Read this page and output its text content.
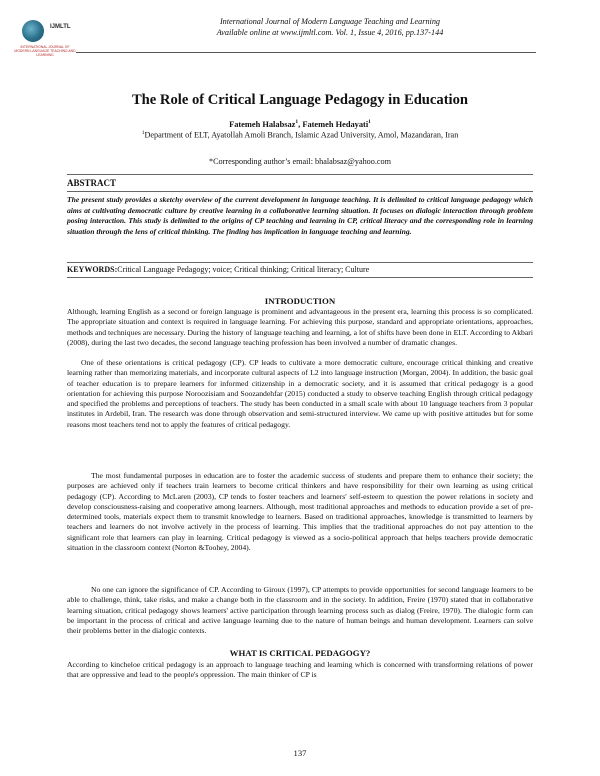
IJMLTL
INTERNATIONAL JOURNAL OF MODERN LANGUAGE TEACHING AND LEARNING
International Journal of Modern Language Teaching and Learning
Available online at www.ijmltl.com. Vol. 1, Issue 4, 2016, pp.137-144
The Role of Critical Language Pedagogy in Education
Fatemeh Halabsaz$^1$, Fatemeh Hedayati$^1$
$^1$Department of ELT, Ayatollah Amoli Branch, Islamic Azad University, Amol, Mazandaran, Iran
*Corresponding author’s email: bhalabsaz@yahoo.com
ABSTRACT
The present study provides a sketchy overview of the current development in language teaching. It is delimited to critical language pedagogy which aims at cultivating democratic culture by creative learning in a collaborative learning situation. It focuses on dialogic interaction through problem posing interaction. This study is delimited to the origins of CP teaching and learning in CP, critical literacy and the corresponding role in learning situation through the lens of critical thinking. The finding has implication in language teaching and learning.
KEYWORDS:Critical Language Pedagogy; voice; Critical thinking; Critical literacy; Culture
INTRODUCTION

Although, learning English as a second or foreign language is prominent and advantageous in the present era, learning this process is so complicated. The appropriate situation and context is required in language learning. For achieving this purpose, standard and appropriate orientations, approaches, methods and techniques are necessary. During the history of language teaching and learning, a lot of shifts have been done in ELT. According to Akbari (2008), during the last two decades, the second language teaching profession has been involved a number of dramatic changes.

One of these orientations is critical pedagogy (CP). CP leads to cultivate a more democratic culture, encourage critical thinking and creative learning rather than memorizing materials, and incorporate cultural aspects of L2 into language instruction (Morgan, 2004). In addition, the basic goal of teacher education is to prepare learners for informed citizenship in a democratic society, and it is assumed that critical pedagogy is a good orientation for achieving this purpose Noroozisiam and Soozandehfar (2015) conducted a study to observe teaching English through critical pedagogy and specified the problems and perceptions of teachers. The study has been conducted in a small scale with about 10 language teachers from 3 popular institutes in Ardebil, Iran. The research was done through observation and semi-structured interview. We came up with positive attitudes but for some reasons most teachers tend not to apply the features of critical pedagogy.

The most fundamental purposes in education are to foster the academic success of students and prepare them to enhance their society; the purposes are achieved only if teachers train learners to become critical thinkers and have responsibility for their own learning as using critical pedagogy (CP). According to McLaren (2003), CP tends to foster teachers and learners' self-esteem to question the power relations in society and develop consciousness-raising and cooperative among learners. Although, most traditional approaches and methods to education provide a set of pre-determined tools, materials expect them to transmit knowledge to learners. Based on traditional approaches, knowledge is transmitted to learners by teachers and learners do not involve actively in the process of learning. This implies that the traditional approaches do not pay attention to the significant role that learners can play in learning. Critical pedagogy is viewed as a socio-political approach that helps teachers provide democratic situation in the classroom context (Norton &Toohey, 2004).

No one can ignore the significance of CP. According to Giroux (1997), CP attempts to provide opportunities for second language learners to be able to challenge, think, take risks, and make a change both in the classroom and in the society. In addition, Freire (1970) stated that in collaborative learning situation, critical pedagogy shows learners' active participation through learning process such as dialog (Freire, 1970). The dialogic form can be important in the process of critical and active language learning due to the nature of human beings and human development. Learners can solve their problems better in the dialogic contexts.

WHAT IS CRITICAL PEDAGOGY?

According to kincheloe critical pedagogy is an approach to language teaching and learning which is concerned with transforming relations of power that are oppressive and lead to the people's oppression. The main thinker of CP is

137
